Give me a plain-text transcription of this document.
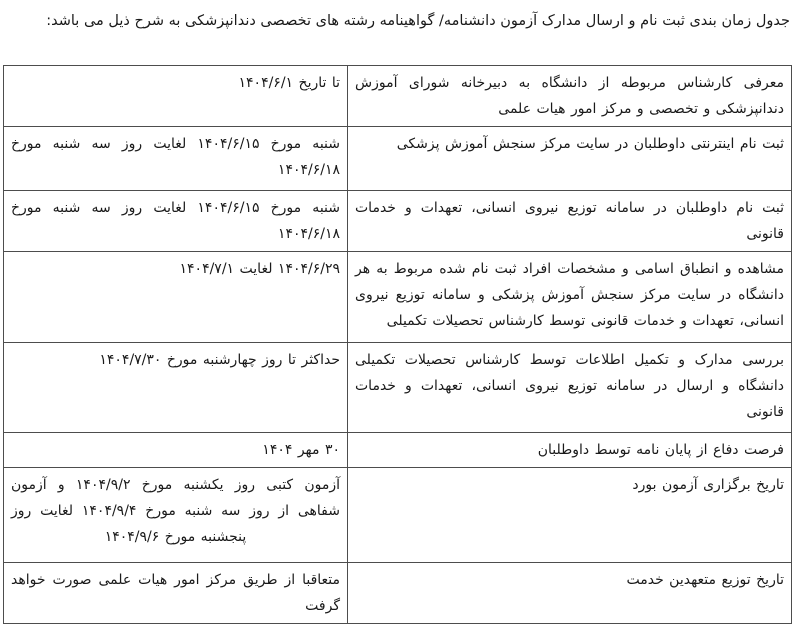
جدول زمان بندی ثبت نام و ارسال مدارک آزمون دانشنامه/ گواهینامه رشته های تخصصی دندانپزشکی به شرح ذیل می باشد:

معرفی کارشناس مربوطه از دانشگاه به دبیرخانه شورای آموزش دندانپزشکی و تخصصی و مرکز امور هیات علمی	تا تاریخ ۱۴۰۴/۶/۱
ثبت نام اینترنتی داوطلبان در سایت مرکز سنجش آموزش پزشکی	شنبه مورخ ۱۴۰۴/۶/۱۵ لغایت روز سه شنبه مورخ ۱۴۰۴/۶/۱۸
ثبت نام داوطلبان در سامانه توزیع نیروی انسانی، تعهدات و خدمات قانونی	شنبه مورخ ۱۴۰۴/۶/۱۵ لغایت روز سه شنبه مورخ ۱۴۰۴/۶/۱۸
مشاهده و انطباق اسامی و مشخصات افراد ثبت نام شده مربوط به هر دانشگاه در سایت مرکز سنجش آموزش پزشکی و سامانه توزیع نیروی انسانی، تعهدات و خدمات قانونی توسط کارشناس تحصیلات تکمیلی	۱۴۰۴/۶/۲۹ لغایت ۱۴۰۴/۷/۱
بررسی مدارک و تکمیل اطلاعات توسط کارشناس تحصیلات تکمیلی دانشگاه و ارسال در سامانه توزیع نیروی انسانی، تعهدات و خدمات قانونی	حداکثر تا روز چهارشنبه مورخ ۱۴۰۴/۷/۳۰
فرصت دفاع از پایان نامه توسط داوطلبان	۳۰ مهر ۱۴۰۴
تاریخ برگزاری آزمون بورد	آزمون کتبی روز یکشنبه مورخ ۱۴۰۴/۹/۲ و آزمون شفاهی از روز سه شنبه مورخ ۱۴۰۴/۹/۴ لغایت روز پنجشنبه مورخ ۱۴۰۴/۹/۶
تاریخ توزیع متعهدین خدمت	متعاقبا از طریق مرکز امور هیات علمی صورت خواهد گرفت
